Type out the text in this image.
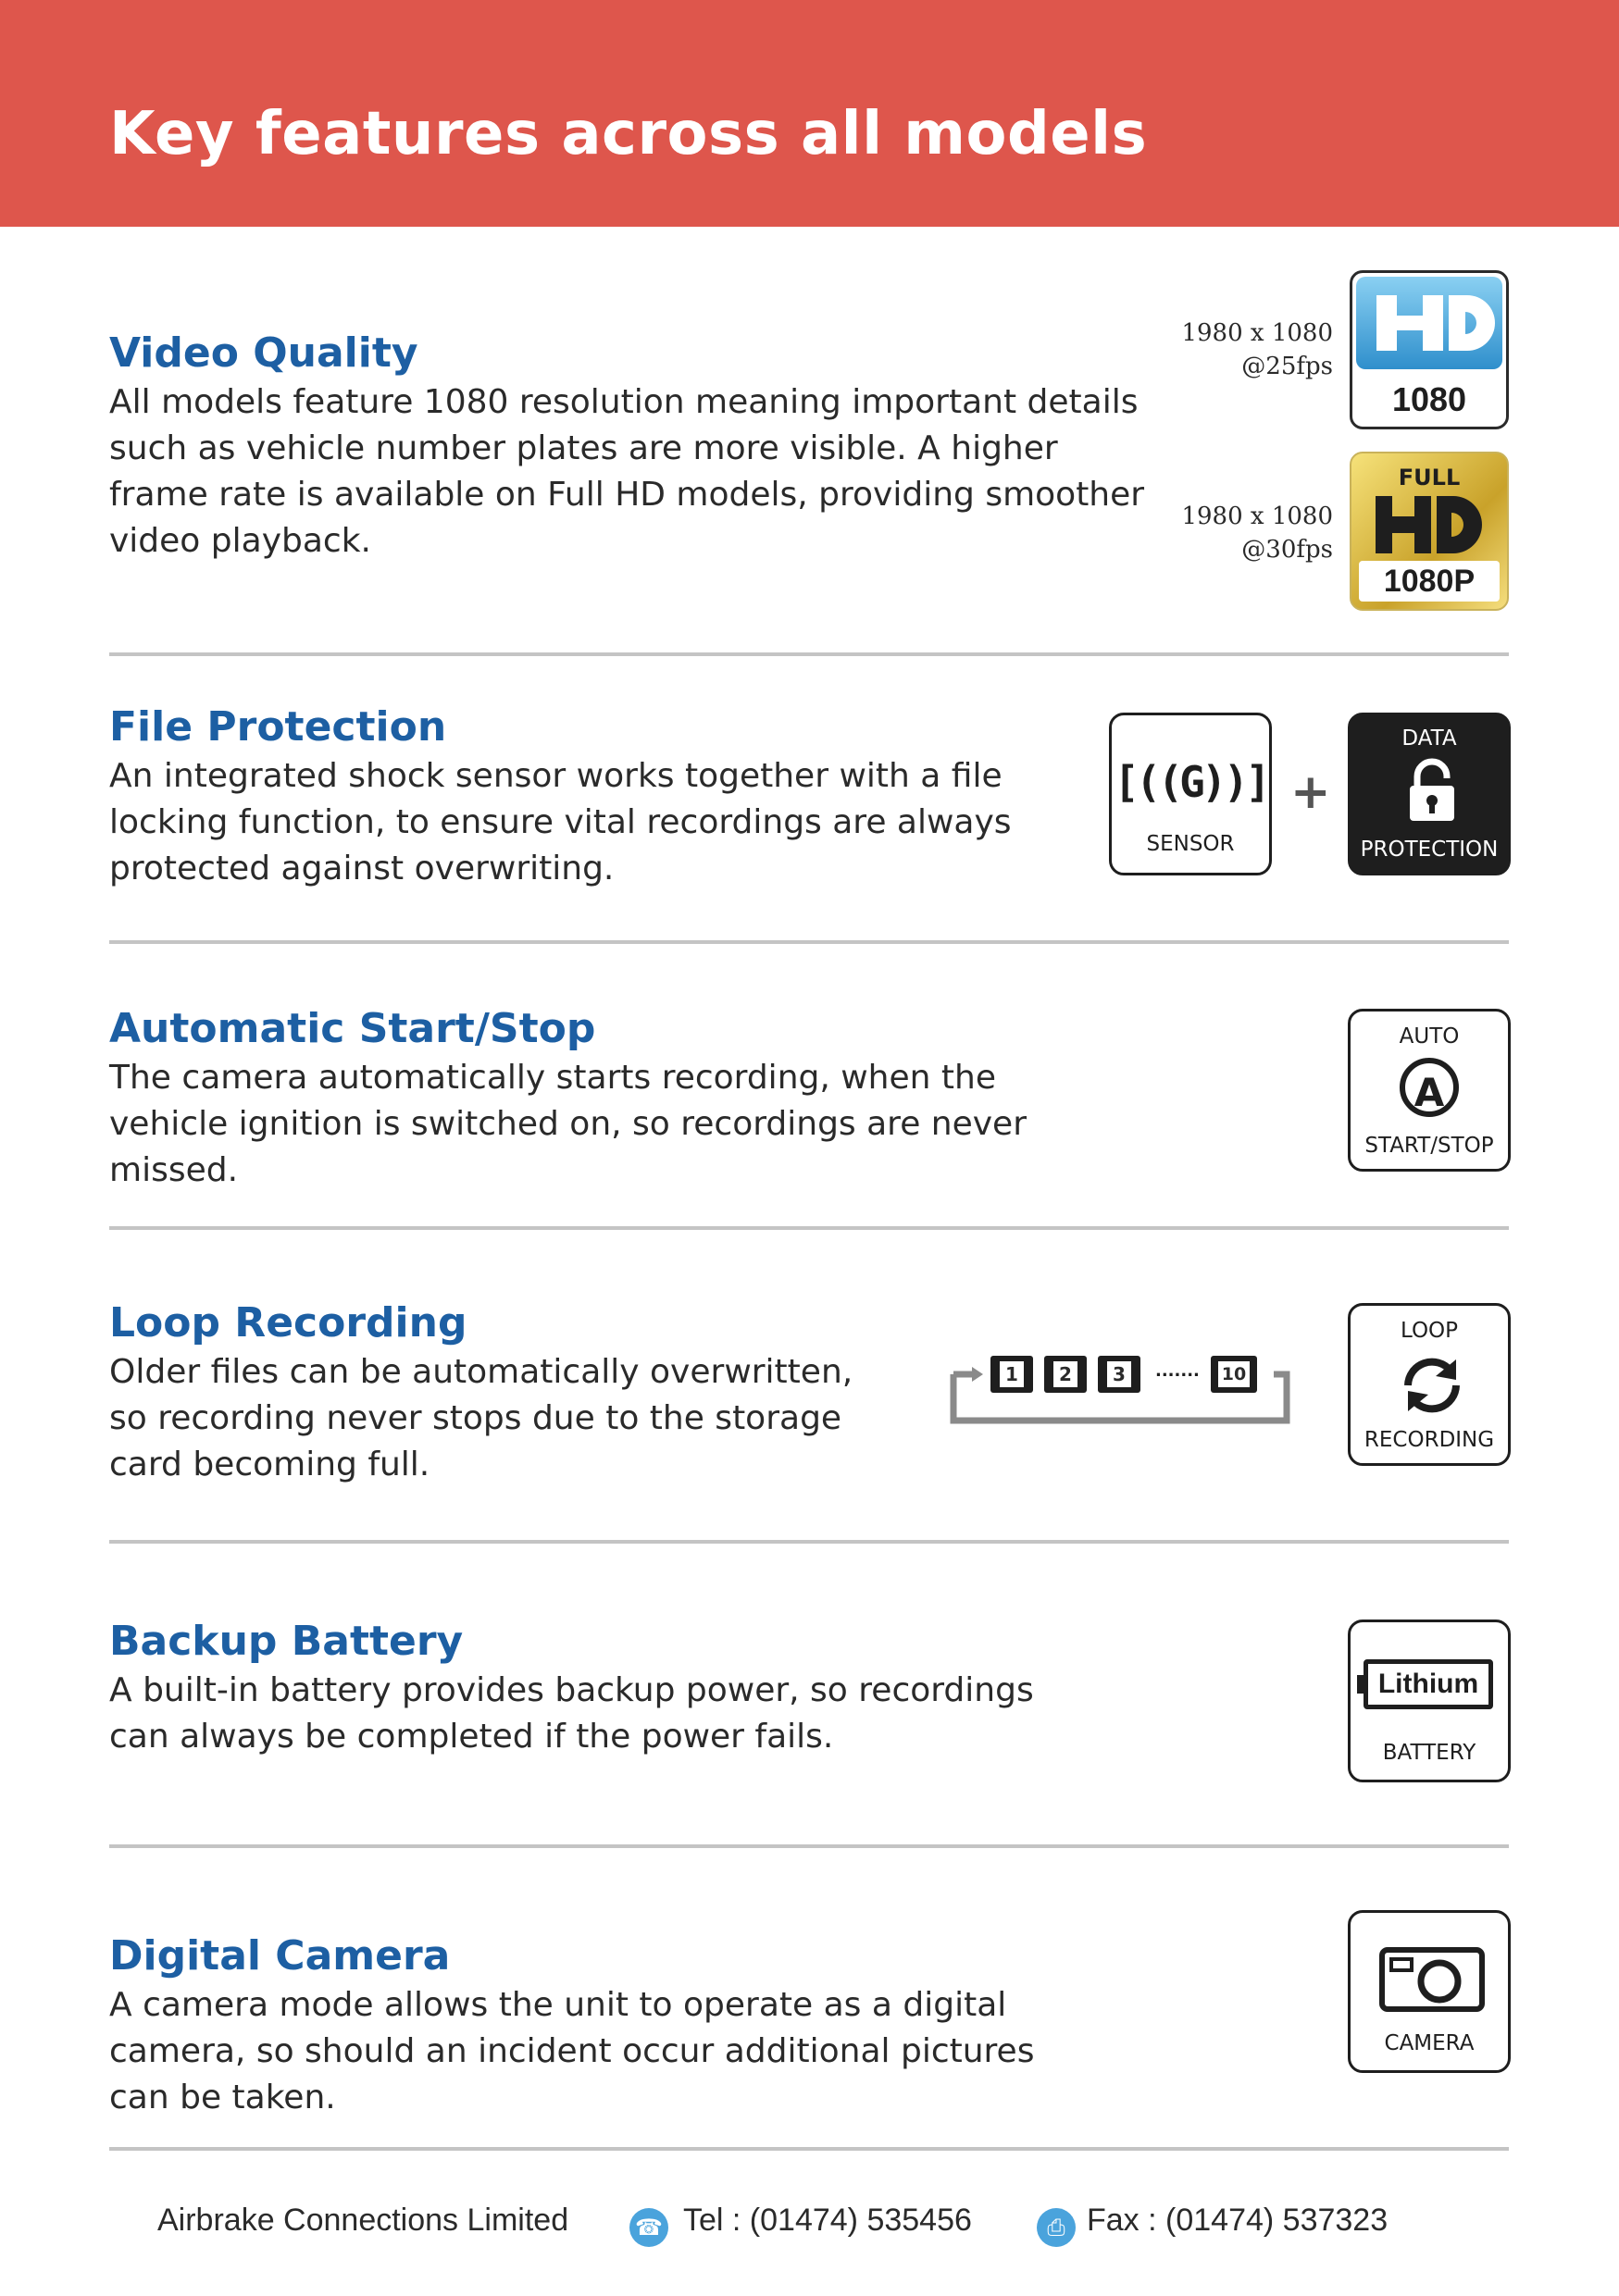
Key features across all models
Video Quality

All models feature 1080 resolution meaning important details such as vehicle number plates are more visible. A higher frame rate is available on Full HD models, providing smoother video playback.

1980 x 1080
@25fps
1980 x 1080
@30fps
1080
FULL
1080P
File Protection

An integrated shock sensor works together with a file locking function, to ensure vital recordings are always protected against overwriting.

[((G))]
SENSOR
+
DATA
PROTECTION
Automatic Start/Stop

The camera automatically starts recording, when the vehicle ignition is switched on, so recordings are never missed.

AUTO
A
START/STOP
Loop Recording

Older files can be automatically overwritten, so recording never stops due to the storage card becoming full.

1	2	3	....... 10
LOOP
RECORDING
Backup Battery

A built-in battery provides backup power, so recordings can always be completed if the power fails.

Lithium
BATTERY
Digital Camera

A camera mode allows the unit to operate as a digital camera, so should an incident occur additional pictures can be taken.

CAMERA
Airbrake Connections Limited	☎ Tel : (01474) 535456	⎙ Fax : (01474) 537323
